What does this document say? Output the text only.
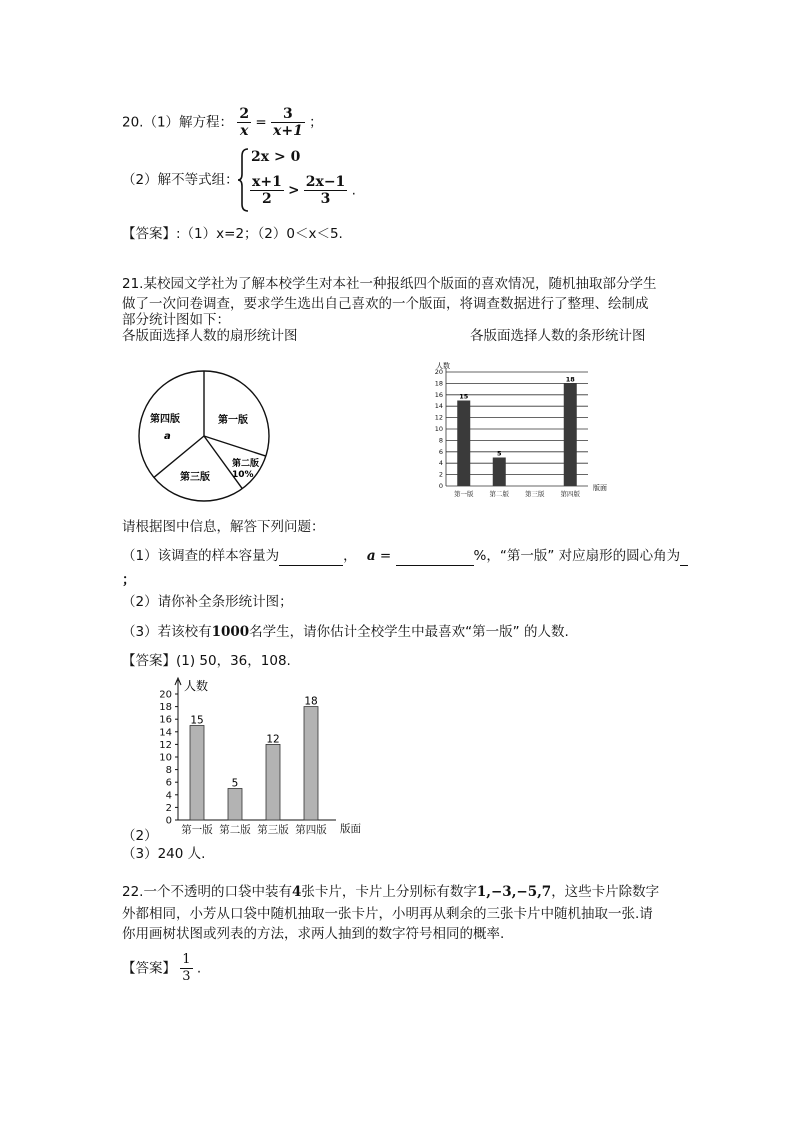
20.（1）解方程： $\frac{2}{x} = \frac{3}{x+1}$ ；
（2）解不等式组：
2x > 0
$\frac{x+1}{2} > \frac{2x-1}{3}$ .
【答案】:（1）x=2；（2）0＜x＜5.
21.某校园文学社为了解本校学生对本社一种报纸四个版面的喜欢情况，随机抽取部分学生
做了一次问卷调查，要求学生选出自己喜欢的一个版面，将调查数据进行了整理、绘制成
部分统计图如下：
各版面选择人数的扇形统计图	各版面选择人数的条形统计图
第四版
a
第一版
第二版
10%
第三版
人数
0
2
4
6
8
10
12
14
16
18
20
15
5
18
第一版 第二版 第三版 第四版
版面
请根据图中信息，解答下列问题：
（1）该调查的样本容量为	， a =	%，“第一版” 对应扇形的圆心角为
；
（2）请你补全条形统计图；
（3）若该校有1000名学生，请你估计全校学生中最喜欢“第一版” 的人数.
【答案】(1) 50，36，108.
人数
0
2
4
6
8
10
12
14
16
18
20
15
5
12
18
第一版 第二版 第三版 第四版 版面
（2）
（3）240 人.
22.一个不透明的口袋中装有4张卡片，卡片上分别标有数字1,−3,−5,7，这些卡片除数字
外都相同，小芳从口袋中随机抽取一张卡片，小明再从剩余的三张卡片中随机抽取一张.请
你用画树状图或列表的方法，求两人抽到的数字符号相同的概率.
【答案】 $\frac{1}{3}$ .
